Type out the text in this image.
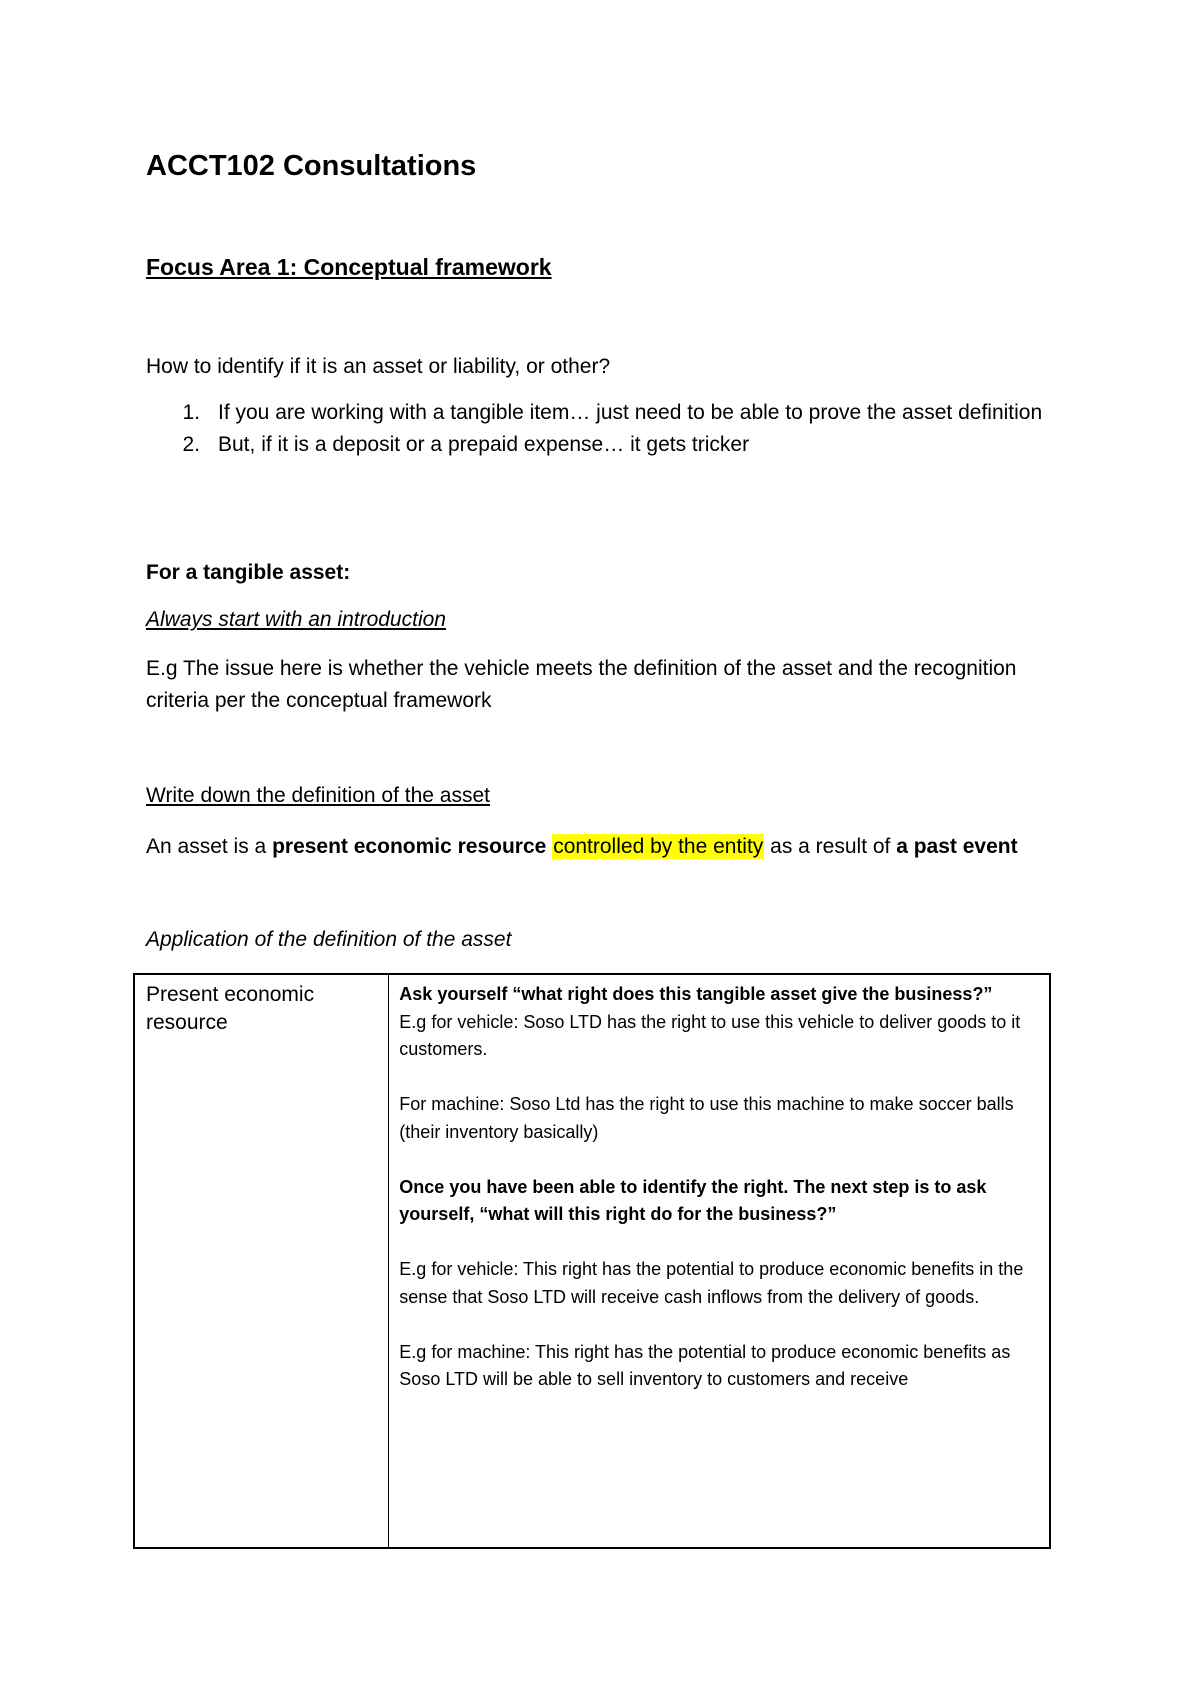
ACCT102 Consultations
Focus Area 1: Conceptual framework

How to identify if it is an asset or liability, or other?

1. If you are working with a tangible item… just need to be able to prove the asset definition
2. But, if it is a deposit or a prepaid expense… it gets tricker

For a tangible asset:

Always start with an introduction

E.g The issue here is whether the vehicle meets the definition of the asset and the recognition criteria per the conceptual framework

Write down the definition of the asset

An asset is a present economic resource controlled by the entity as a result of a past event

Application of the definition of the asset

Present economic resource

Ask yourself “what right does this tangible asset give the business?”

E.g for vehicle: Soso LTD has the right to use this vehicle to deliver goods to it customers.

For machine: Soso Ltd has the right to use this machine to make soccer balls (their inventory basically)

Once you have been able to identify the right. The next step is to ask yourself, “what will this right do for the business?”

E.g for vehicle: This right has the potential to produce economic benefits in the sense that Soso LTD will receive cash inflows from the delivery of goods.

E.g for machine: This right has the potential to produce economic benefits as Soso LTD will be able to sell inventory to customers and receive
